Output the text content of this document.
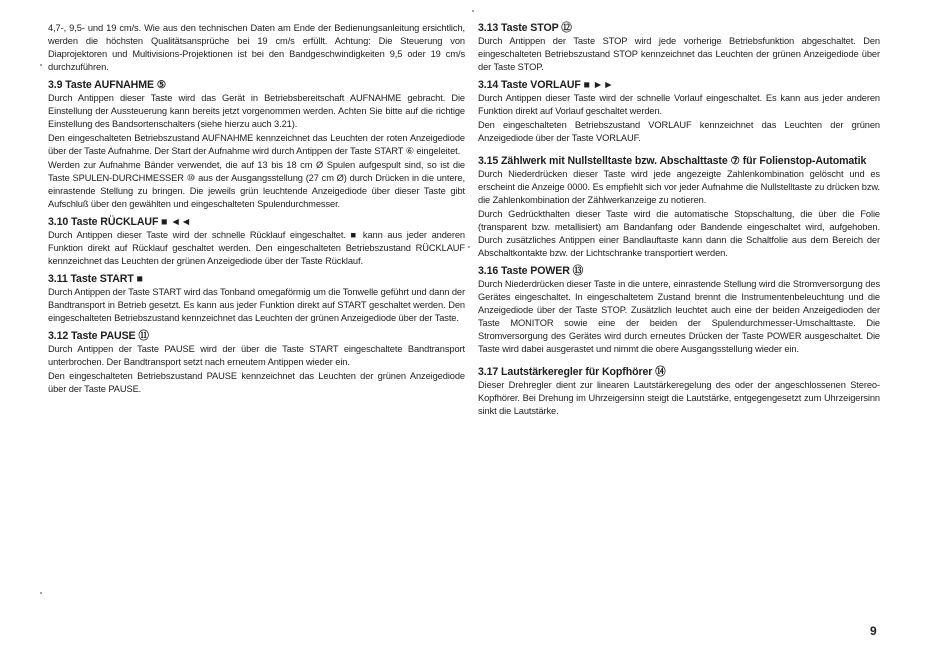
4,7-, 9,5- und 19 cm/s. Wie aus den technischen Daten am Ende der Bedienungsanleitung ersichtlich, werden die höchsten Qualitätsansprüche bei 19 cm/s erfüllt. Achtung: Die Steuerung von Diaprojektoren und Multivisions-Projektionen ist bei den Bandgeschwindigkeiten 9,5 oder 19 cm/s durchzuführen.

3.9 Taste AUFNAHME ⑤

Durch Antippen dieser Taste wird das Gerät in Betriebsbereitschaft AUFNAHME gebracht. Die Einstellung der Aussteuerung kann bereits jetzt vorgenommen werden. Achten Sie bitte auf die richtige Einstellung des Bandsortenschalters (siehe hierzu auch 3.21).

Den eingeschalteten Betriebszustand AUFNAHME kennzeichnet das Leuchten der roten Anzeigediode über der Taste Aufnahme. Der Start der Aufnahme wird durch Antippen der Taste START ⑥ eingeleitet.

Werden zur Aufnahme Bänder verwendet, die auf 13 bis 18 cm Ø Spulen aufgespult sind, so ist die Taste SPULEN-DURCHMESSER ⑩ aus der Ausgangsstellung (27 cm Ø) durch Drücken in die untere, einrastende Stellung zu bringen. Die jeweils grün leuchtende Anzeigediode über dieser Taste gibt Aufschluß über den gewählten und eingeschalteten Spulendurchmesser.

3.10 Taste RÜCKLAUF ■ ◄◄

Durch Antippen dieser Taste wird der schnelle Rücklauf eingeschaltet. ■ kann aus jeder anderen Funktion direkt auf Rücklauf geschaltet werden. Den eingeschalteten Betriebszustand RÜCKLAUF kennzeichnet das Leuchten der grünen Anzeigediode über der Taste Rücklauf.

3.11 Taste START ■

Durch Antippen der Taste START wird das Tonband omegaförmig um die Tonwelle geführt und dann der Bandtransport in Betrieb gesetzt. Es kann aus jeder Funktion direkt auf START geschaltet werden. Den eingeschalteten Betriebszustand kennzeichnet das Leuchten der grünen Anzeigediode über der Taste.

3.12 Taste PAUSE ⑪

Durch Antippen der Taste PAUSE wird der über die Taste START eingeschaltete Bandtransport unterbrochen. Der Bandtransport setzt nach erneutem Antippen wieder ein.

Den eingeschalteten Betriebszustand PAUSE kennzeichnet das Leuchten der grünen Anzeigediode über der Taste PAUSE.

3.13 Taste STOP ⑫

Durch Antippen der Taste STOP wird jede vorherige Betriebsfunktion abgeschaltet. Den eingeschalteten Betriebszustand STOP kennzeichnet das Leuchten der grünen Anzeigediode über der Taste STOP.

3.14 Taste VORLAUF ■ ►►

Durch Antippen dieser Taste wird der schnelle Vorlauf eingeschaltet. Es kann aus jeder anderen Funktion direkt auf Vorlauf geschaltet werden.

Den eingeschalteten Betriebszustand VORLAUF kennzeichnet das Leuchten der grünen Anzeigediode über der Taste VORLAUF.

3.15 Zählwerk mit Nullstelltaste bzw. Abschalttaste ⑦ für Folienstop-Automatik

Durch Niederdrücken dieser Taste wird jede angezeigte Zahlenkombination gelöscht und es erscheint die Anzeige 0000. Es empfiehlt sich vor jeder Aufnahme die Nullstelltaste zu drücken bzw. die Zahlenkombination der Zählwerkanzeige zu notieren.

Durch Gedrückthalten dieser Taste wird die automatische Stopschaltung, die über die Folie (transparent bzw. metallisiert) am Bandanfang oder Bandende eingeschaltet wird, aufgehoben. Durch zusätzliches Antippen einer Bandlauftaste kann dann die Schaltfolie aus dem Bereich der Abschaltkontakte bzw. der Lichtschranke transportiert werden.

3.16 Taste POWER ⑬

Durch Niederdrücken dieser Taste in die untere, einrastende Stellung wird die Stromversorgung des Gerätes eingeschaltet. In eingeschaltetem Zustand brennt die Instrumentenbeleuchtung und die Anzeigediode über der Taste STOP. Zusätzlich leuchtet auch eine der beiden Anzeigedioden der Taste MONITOR sowie eine der beiden der Spulendurchmesser-Umschalttaste. Die Stromversorgung des Gerätes wird durch erneutes Drücken der Taste POWER ausgeschaltet. Die Taste wird dabei ausgerastet und nimmt die obere Ausgangsstellung wieder ein.

3.17 Lautstärkeregler für Kopfhörer ⑭

Dieser Drehregler dient zur linearen Lautstärkeregelung des oder der angeschlossenen Stereo-Kopfhörer. Bei Drehung im Uhrzeigersinn steigt die Lautstärke, entgegengesetzt zum Uhrzeigersinn sinkt die Lautstärke.

9
